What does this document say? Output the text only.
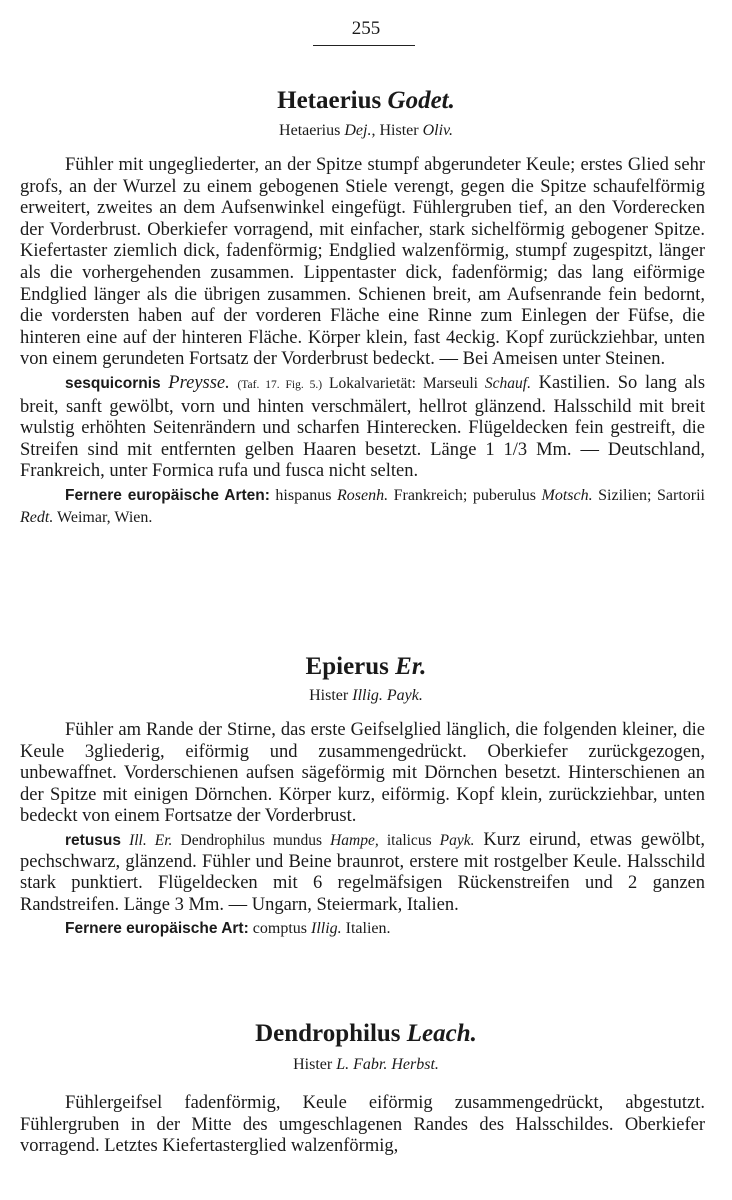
255
Hetaerius Godet.

Hetaerius Dej., Hister Oliv.

Fühler mit ungegliederter, an der Spitze stumpf abgerundeter Keule; erstes Glied sehr grofs, an der Wurzel zu einem gebogenen Stiele verengt, gegen die Spitze schaufelförmig erweitert, zweites an dem Aufsenwinkel eingefügt. Fühlergruben tief, an den Vorderecken der Vorderbrust. Oberkiefer vorragend, mit einfacher, stark sichelförmig gebogener Spitze. Kiefertaster ziemlich dick, fadenförmig; Endglied walzenförmig, stumpf zugespitzt, länger als die vorhergehenden zusammen. Lippentaster dick, fadenförmig; das lang eiförmige Endglied länger als die übrigen zusammen. Schienen breit, am Aufsenrande fein bedornt, die vordersten haben auf der vorderen Fläche eine Rinne zum Einlegen der Füfse, die hinteren eine auf der hinteren Fläche. Körper klein, fast 4eckig. Kopf zurückziehbar, unten von einem gerundeten Fortsatz der Vorderbrust bedeckt. — Bei Ameisen unter Steinen.

sesquicornis Preysse. (Taf. 17. Fig. 5.) Lokalvarietät: Marseuli Schauf. Kastilien. So lang als breit, sanft gewölbt, vorn und hinten verschmälert, hellrot glänzend. Halsschild mit breit wulstig erhöhten Seitenrändern und scharfen Hinterecken. Flügeldecken fein gestreift, die Streifen sind mit entfernten gelben Haaren besetzt. Länge 1 1/3 Mm. — Deutschland, Frankreich, unter Formica rufa und fusca nicht selten.

Fernere europäische Arten: hispanus Rosenh. Frankreich; puberulus Motsch. Sizilien; Sartorii Redt. Weimar, Wien.

Epierus Er.

Hister Illig. Payk.

Fühler am Rande der Stirne, das erste Geifselglied länglich, die folgenden kleiner, die Keule 3gliederig, eiförmig und zusammengedrückt. Oberkiefer zurückgezogen, unbewaffnet. Vorderschienen aufsen sägeförmig mit Dörnchen besetzt. Hinterschienen an der Spitze mit einigen Dörnchen. Körper kurz, eiförmig. Kopf klein, zurückziehbar, unten bedeckt von einem Fortsatze der Vorderbrust.

retusus Ill. Er. Dendrophilus mundus Hampe, italicus Payk. Kurz eirund, etwas gewölbt, pechschwarz, glänzend. Fühler und Beine braunrot, erstere mit rostgelber Keule. Halsschild stark punktiert. Flügeldecken mit 6 regelmäfsigen Rückenstreifen und 2 ganzen Randstreifen. Länge 3 Mm. — Ungarn, Steiermark, Italien.

Fernere europäische Art: comptus Illig. Italien.

Dendrophilus Leach.

Hister L. Fabr. Herbst.

Fühlergeifsel fadenförmig, Keule eiförmig zusammengedrückt, abgestutzt. Fühlergruben in der Mitte des umgeschlagenen Randes des Halsschildes. Oberkiefer vorragend. Letztes Kiefertasterglied walzenförmig,
